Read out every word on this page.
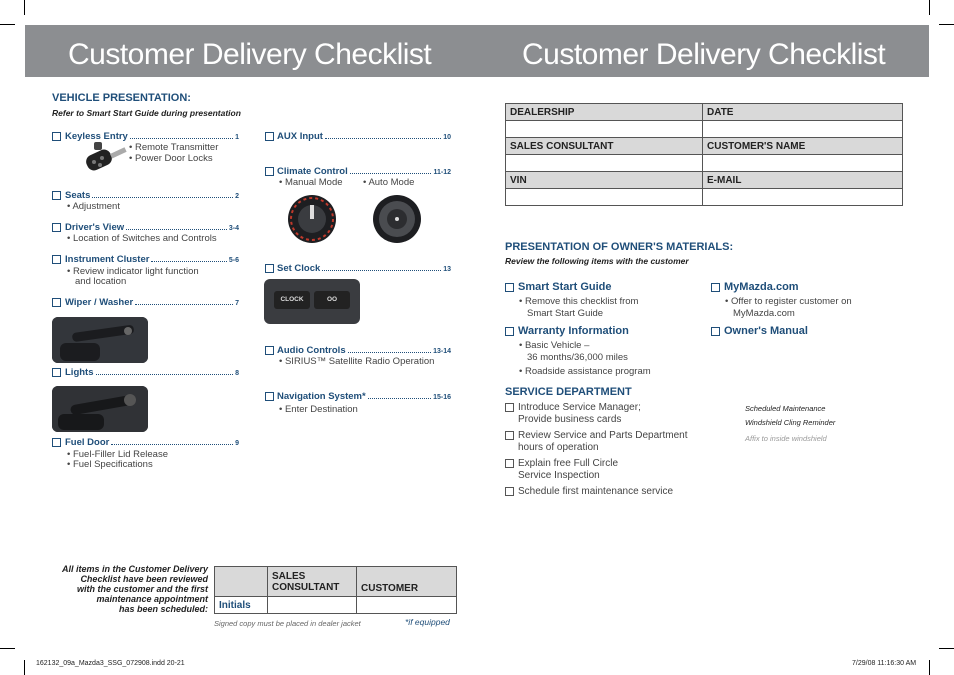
Customer Delivery Checklist	Customer Delivery Checklist
VEHICLE PRESENTATION:
Refer to Smart Start Guide during presentation
Keyless Entry	1
• Remote Transmitter
• Power Door Locks
Seats	2
• Adjustment
Driver's View	3-4
• Location of Switches and Controls
Instrument Cluster	5-6
• Review indicator light function
and location
Wiper / Washer	7
Lights	8
Fuel Door	9
• Fuel-Filler Lid Release
• Fuel Specifications
AUX Input	10
Climate Control	11-12
• Manual Mode • Auto Mode
Set Clock	13
CLOCK	OO
Audio Controls	13-14
• SIRIUS™ Satellite Radio Operation
Navigation System*	15-16
• Enter Destination
All items in the Customer Delivery
Checklist have been reviewed
with the customer and the first
maintenance appointment
has been scheduled:
	SALES CONSULTANT	CUSTOMER
Initials		
Signed copy must be placed in dealer jacket	*if equipped
DEALERSHIP	DATE

SALES CONSULTANT	CUSTOMER'S NAME

VIN	E-MAIL

PRESENTATION OF OWNER'S MATERIALS:
Review the following items with the customer
Smart Start Guide
• Remove this checklist from
Smart Start Guide
Warranty Information
• Basic Vehicle –
36 months/36,000 miles
• Roadside assistance program
MyMazda.com
• Offer to register customer on
MyMazda.com
Owner's Manual
SERVICE DEPARTMENT
Introduce Service Manager;
Provide business cards
Review Service and Parts Department
hours of operation
Explain free Full Circle
Service Inspection
Schedule first maintenance service
Scheduled Maintenance
Windshield Cling Reminder
Affix to inside windshield
162132_09a_Mazda3_SSG_072908.indd 20-21	7/29/08 11:16:30 AM
